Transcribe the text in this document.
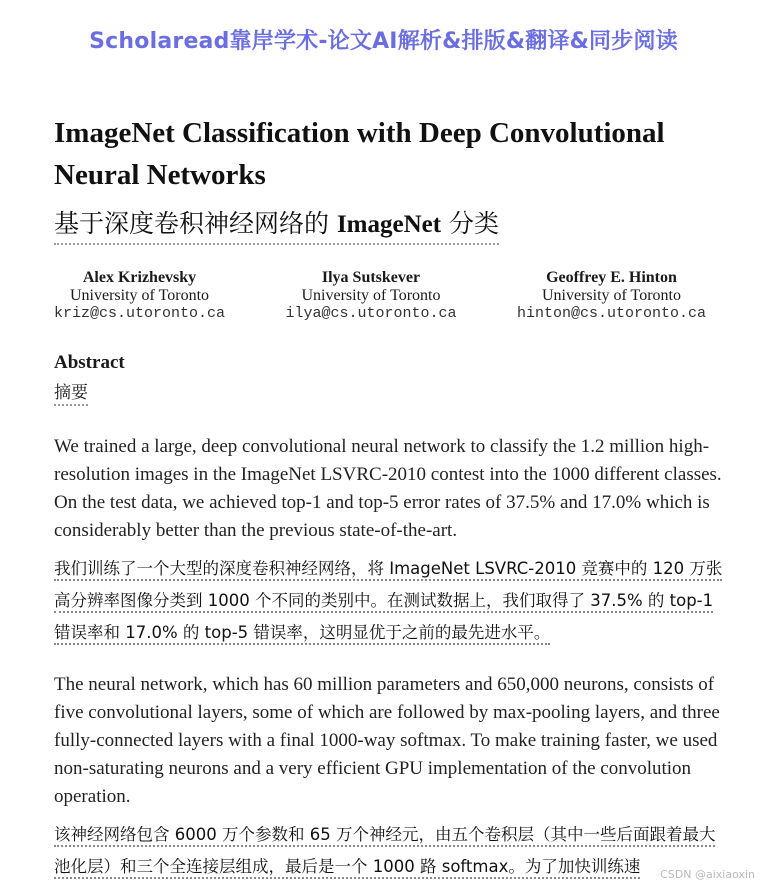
Scholaread靠岸学术-论文AI解析&排版&翻译&同步阅读
ImageNet Classification with Deep Convolutional
Neural Networks
基于深度卷积神经网络的 ImageNet 分类
Alex Krizhevsky
University of Toronto
kriz@cs.utoronto.ca
Ilya Sutskever
University of Toronto
ilya@cs.utoronto.ca
Geoffrey E. Hinton
University of Toronto
hinton@cs.utoronto.ca
Abstract
摘要

We trained a large, deep convolutional neural network to classify the 1.2 million high-resolution images in the ImageNet LSVRC-2010 contest into the 1000 different classes. On the test data, we achieved top-1 and top-5 error rates of 37.5% and 17.0% which is considerably better than the previous state-of-the-art.

我们训练了一个大型的深度卷积神经网络，将 ImageNet LSVRC-2010 竞赛中的 120 万张高分辨率图像分类到 1000 个不同的类别中。在测试数据上，我们取得了 37.5% 的 top-1 错误率和 17.0% 的 top-5 错误率，这明显优于之前的最先进水平。

The neural network, which has 60 million parameters and 650,000 neurons, consists of five convolutional layers, some of which are followed by max-pooling layers, and three fully-connected layers with a final 1000-way softmax. To make training faster, we used non-saturating neurons and a very efficient GPU implementation of the convolution operation.

该神经网络包含 6000 万个参数和 65 万个神经元，由五个卷积层（其中一些后面跟着最大池化层）和三个全连接层组成，最后是一个 1000 路 softmax。为了加快训练速	CSDN @aixiaoxin
